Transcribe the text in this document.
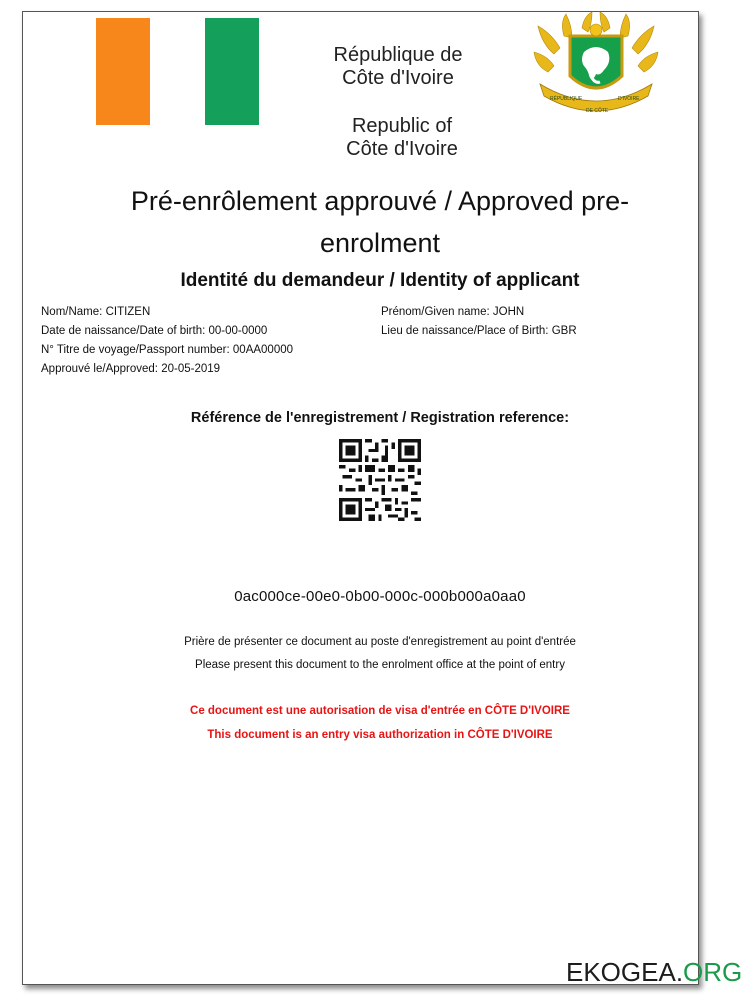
République de
Côte d'Ivoire
Republic of
Côte d'Ivoire
RÉPUBLIQUE
DE CÔTE
D'IVOIRE
Pré-enrôlement approuvé / Approved pre-
enrolment
Identité du demandeur / Identity of applicant
Nom/Name: CITIZEN	Prénom/Given name: JOHN
Date de naissance/Date of birth: 00-00-0000	Lieu de naissance/Place of Birth: GBR
N° Titre de voyage/Passport number: 00AA00000
Approuvé le/Approved: 20-05-2019
Référence de l'enregistrement / Registration reference:
0ac000ce-00e0-0b00-000c-000b000a0aa0
Prière de présenter ce document au poste d'enregistrement au point d'entrée
Please present this document to the enrolment office at the point of entry
Ce document est une autorisation de visa d'entrée en CÔTE D'IVOIRE
This document is an entry visa authorization in CÔTE D'IVOIRE
EKOGEA.ORG
